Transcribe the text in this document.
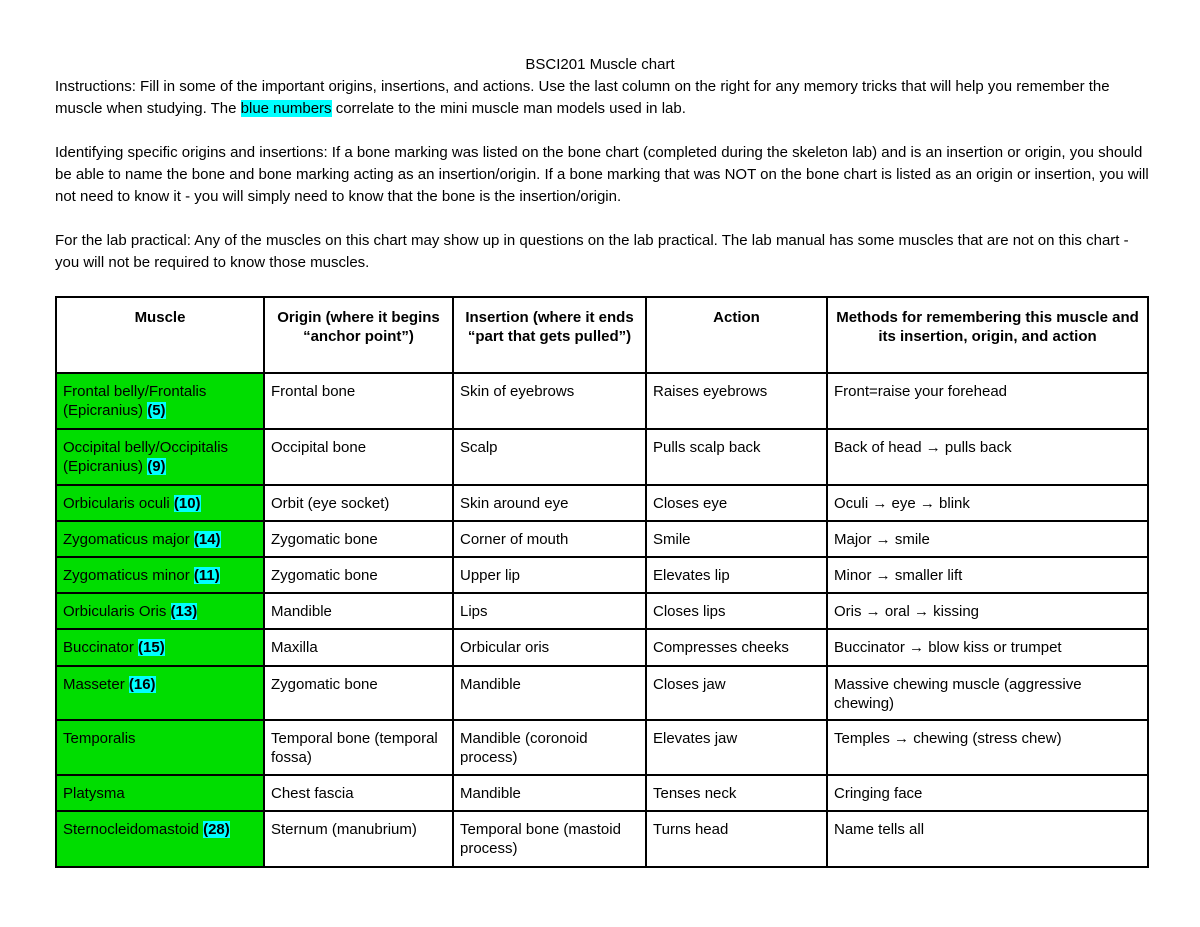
BSCI201 Muscle chart

Instructions: Fill in some of the important origins, insertions, and actions. Use the last column on the right for any memory tricks that will help you remember the muscle when studying. The blue numbers correlate to the mini muscle man models used in lab.

Identifying specific origins and insertions: If a bone marking was listed on the bone chart (completed during the skeleton lab) and is an insertion or origin, you should be able to name the bone and bone marking acting as an insertion/origin. If a bone marking that was NOT on the bone chart is listed as an origin or insertion, you will not need to know it - you will simply need to know that the bone is the insertion/origin.

For the lab practical: Any of the muscles on this chart may show up in questions on the lab practical. The lab manual has some muscles that are not on this chart - you will not be required to know those muscles.

Muscle	Origin (where it begins “anchor point”)	Insertion (where it ends “part that gets pulled”)	Action	Methods for remembering this muscle and its insertion, origin, and action
Frontal belly/Frontalis (Epicranius) (5)	Frontal bone	Skin of eyebrows	Raises eyebrows	Front=raise your forehead
Occipital belly/Occipitalis (Epicranius) (9)	Occipital bone	Scalp	Pulls scalp back	Back of head → pulls back
Orbicularis oculi (10)	Orbit (eye socket)	Skin around eye	Closes eye	Oculi → eye → blink
Zygomaticus major (14)	Zygomatic bone	Corner of mouth	Smile	Major → smile
Zygomaticus minor (11)	Zygomatic bone	Upper lip	Elevates lip	Minor → smaller lift
Orbicularis Oris (13)	Mandible	Lips	Closes lips	Oris → oral → kissing
Buccinator (15)	Maxilla	Orbicular oris	Compresses cheeks	Buccinator → blow kiss or trumpet
Masseter (16)	Zygomatic bone	Mandible	Closes jaw	Massive chewing muscle (aggressive chewing)
Temporalis	Temporal bone (temporal fossa)	Mandible (coronoid process)	Elevates jaw	Temples → chewing (stress chew)
Platysma	Chest fascia	Mandible	Tenses neck	Cringing face
Sternocleidomastoid (28)	Sternum (manubrium)	Temporal bone (mastoid process)	Turns head	Name tells all
